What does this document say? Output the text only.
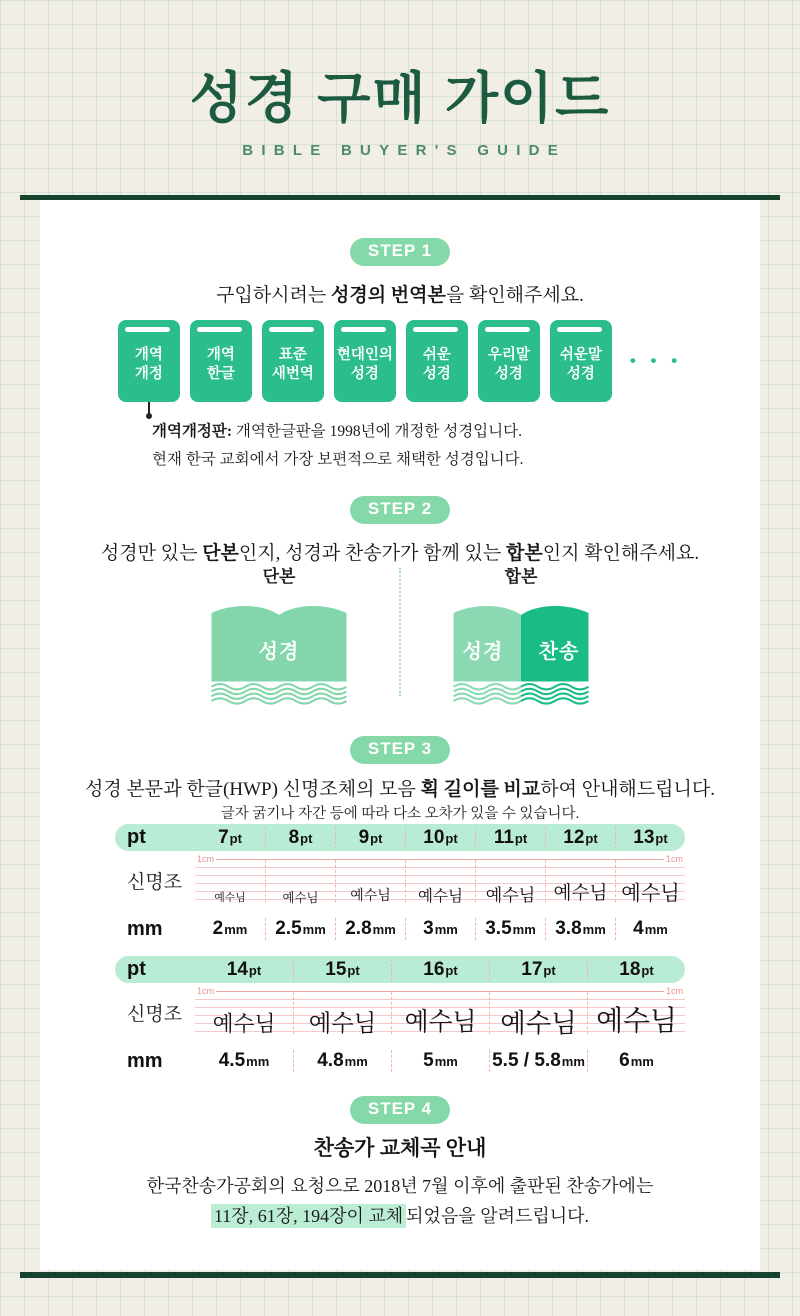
성경 구매 가이드
BIBLE BUYER'S GUIDE
STEP 1
구입하시려는 성경의 번역본을 확인해주세요.
개역
개정
개역
한글
표준
새번역
현대인의
성경
쉬운
성경
우리말
성경
쉬운말
성경
• • •
개역개정판: 개역한글판을 1998년에 개정한 성경입니다.
현재 한국 교회에서 가장 보편적으로 채택한 성경입니다.
STEP 2
성경만 있는 단본인지, 성경과 찬송가가 함께 있는 합본인지 확인해주세요.
단본
성경
합본
성경	찬송
STEP 3
성경 본문과 한글(HWP) 신명조체의 모음 획 길이를 비교하여 안내해드립니다.
글자 굵기나 자간 등에 따라 다소 오차가 있을 수 있습니다.
pt	7 pt 8 pt 9 pt 10 pt 11 pt 12 pt 13 pt
신명조
1cm	1cm
예수님	예수님 예수님 예수님 예수님 예수님 예수님
mm	2 mm 2.5 mm 2.8 mm 3 mm 3.5 mm 3.8 mm 4 mm
pt	14 pt	15 pt	16 pt	17 pt	18 pt
신명조
1cm	1cm
예수님 예수님 예수님 예수님 예수님
mm	4.5 mm	4.8 mm	5 mm 5.5 / 5.8 mm 6 mm
STEP 4
찬송가 교체곡 안내
한국찬송가공회의 요청으로 2018년 7월 이후에 출판된 찬송가에는
11장, 61장, 194장이 교체 되었음을 알려드립니다.
